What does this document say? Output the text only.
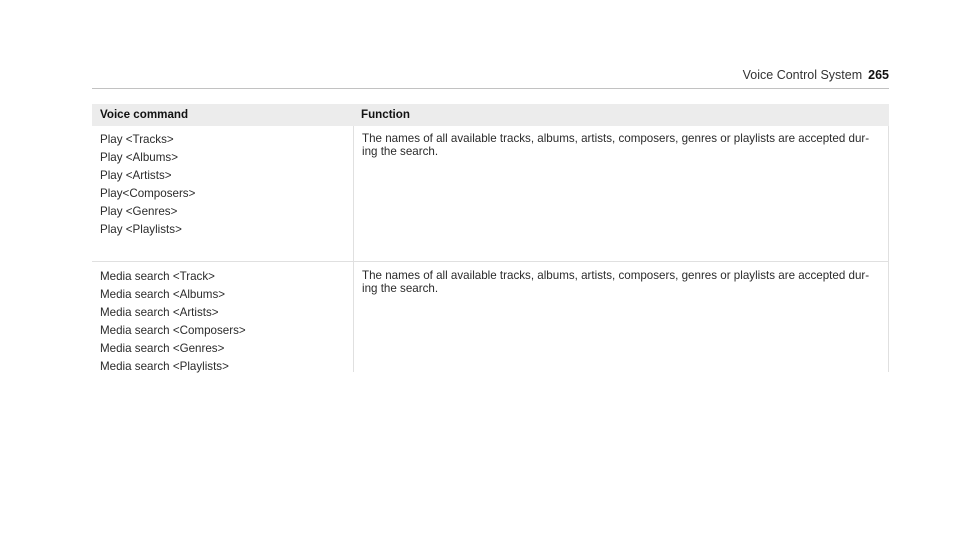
Voice Control System 265
Voice command	Function
Play <Tracks>
Play <Albums>
Play <Artists>
Play<Composers>
Play <Genres>
Play <Playlists>
The names of all available tracks, albums, artists, composers, genres or playlists are accepted dur-
ing the search.
Media search <Track>
Media search <Albums>
Media search <Artists>
Media search <Composers>
Media search <Genres>
Media search <Playlists>
The names of all available tracks, albums, artists, composers, genres or playlists are accepted dur-
ing the search.
